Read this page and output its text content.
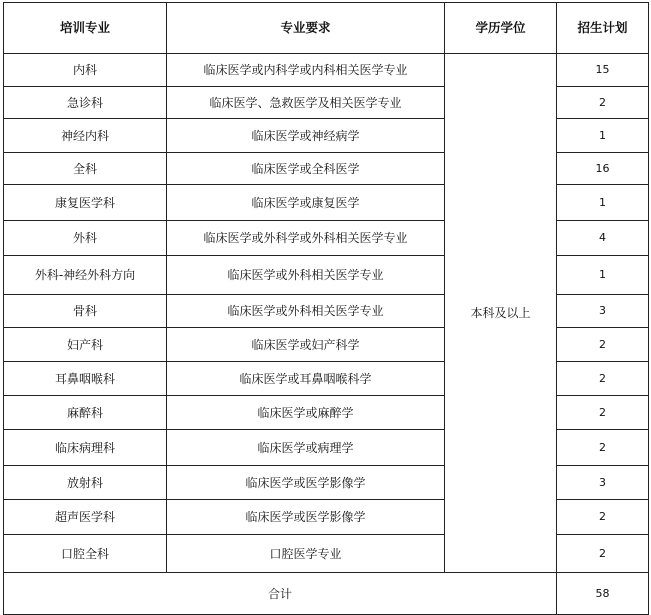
培训专业	专业要求	学历学位	招生计划
内科	临床医学或内科学或内科相关医学专业	本科及以上	15
急诊科	临床医学、急救医学及相关医学专业		2
神经内科	临床医学或神经病学		1
全科	临床医学或全科医学		16
康复医学科	临床医学或康复医学		1
外科	临床医学或外科学或外科相关医学专业		4
外科-神经外科方向	临床医学或外科相关医学专业		1
骨科	临床医学或外科相关医学专业		3
妇产科	临床医学或妇产科学		2
耳鼻咽喉科	临床医学或耳鼻咽喉科学		2
麻醉科	临床医学或麻醉学		2
临床病理科	临床医学或病理学		2
放射科	临床医学或医学影像学		3
超声医学科	临床医学或医学影像学		2
口腔全科	口腔医学专业		2
合计			58
